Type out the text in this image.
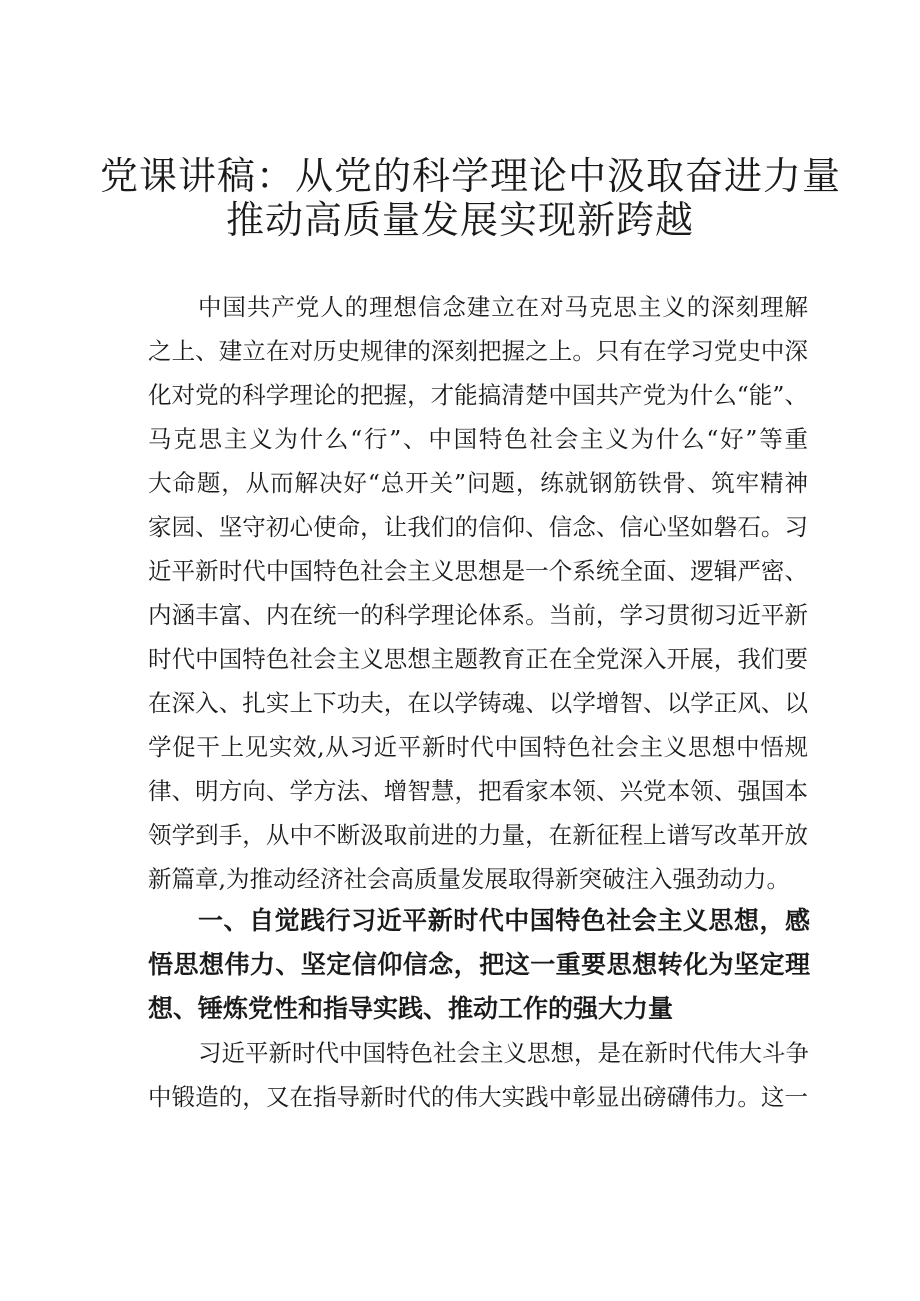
党课讲稿：从党的科学理论中汲取奋进力量
推动高质量发展实现新跨越

中国共产党人的理想信念建立在对马克思主义的深刻理解

之上、建立在对历史规律的深刻把握之上。只有在学习党史中深

化对党的科学理论的把握，才能搞清楚中国共产党为什么“能”、

马克思主义为什么“行”、中国特色社会主义为什么“好”等重

大命题，从而解决好“总开关”问题，练就钢筋铁骨、筑牢精神

家园、坚守初心使命，让我们的信仰、信念、信心坚如磐石。习

近平新时代中国特色社会主义思想是一个系统全面、逻辑严密、

内涵丰富、内在统一的科学理论体系。当前，学习贯彻习近平新

时代中国特色社会主义思想主题教育正在全党深入开展，我们要

在深入、扎实上下功夫，在以学铸魂、以学增智、以学正风、以

学促干上见实效,从习近平新时代中国特色社会主义思想中悟规

律、明方向、学方法、增智慧，把看家本领、兴党本领、强国本

领学到手，从中不断汲取前进的力量，在新征程上谱写改革开放

新篇章,为推动经济社会高质量发展取得新突破注入强劲动力。

一、自觉践行习近平新时代中国特色社会主义思想，感

悟思想伟力、坚定信仰信念，把这一重要思想转化为坚定理

想、锤炼党性和指导实践、推动工作的强大力量

习近平新时代中国特色社会主义思想，是在新时代伟大斗争

中锻造的，又在指导新时代的伟大实践中彰显出磅礴伟力。这一
